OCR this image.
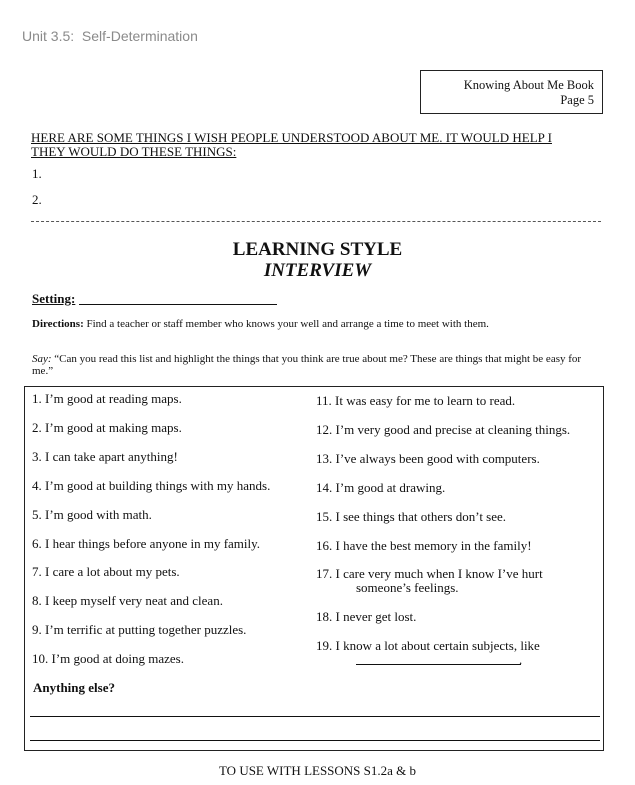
Unit 3.5:  Self-Determination
Knowing About Me Book
Page 5
HERE ARE SOME THINGS I WISH PEOPLE UNDERSTOOD ABOUT ME. IT WOULD HELP I
THEY WOULD DO THESE THINGS:
1.
2.
LEARNING STYLE
INTERVIEW
Setting:
Directions: Find a teacher or staff member who knows your well and arrange a time to meet with them.
Say: “Can you read this list and highlight the things that you think are true about me? These are things that might be easy for me.”
1. I’m good at reading maps.
2. I’m good at making maps.
3. I can take apart anything!
4. I’m good at building things with my hands.
5. I’m good with math.
6. I hear things before anyone in my family.
7. I care a lot about my pets.
8. I keep myself very neat and clean.
9. I’m terrific at putting together puzzles.
10. I’m good at doing mazes.
11. It was easy for me to learn to read.
12. I’m very good and precise at cleaning things.
13. I’ve always been good with computers.
14. I’m good at drawing.
15. I see things that others don’t see.
16. I have the best memory in the family!
17. I care very much when I know I’ve hurt
someone’s feelings.
18. I never get lost.
19. I know a lot about certain subjects, like
.
Anything else?
TO USE WITH LESSONS S1.2a & b
